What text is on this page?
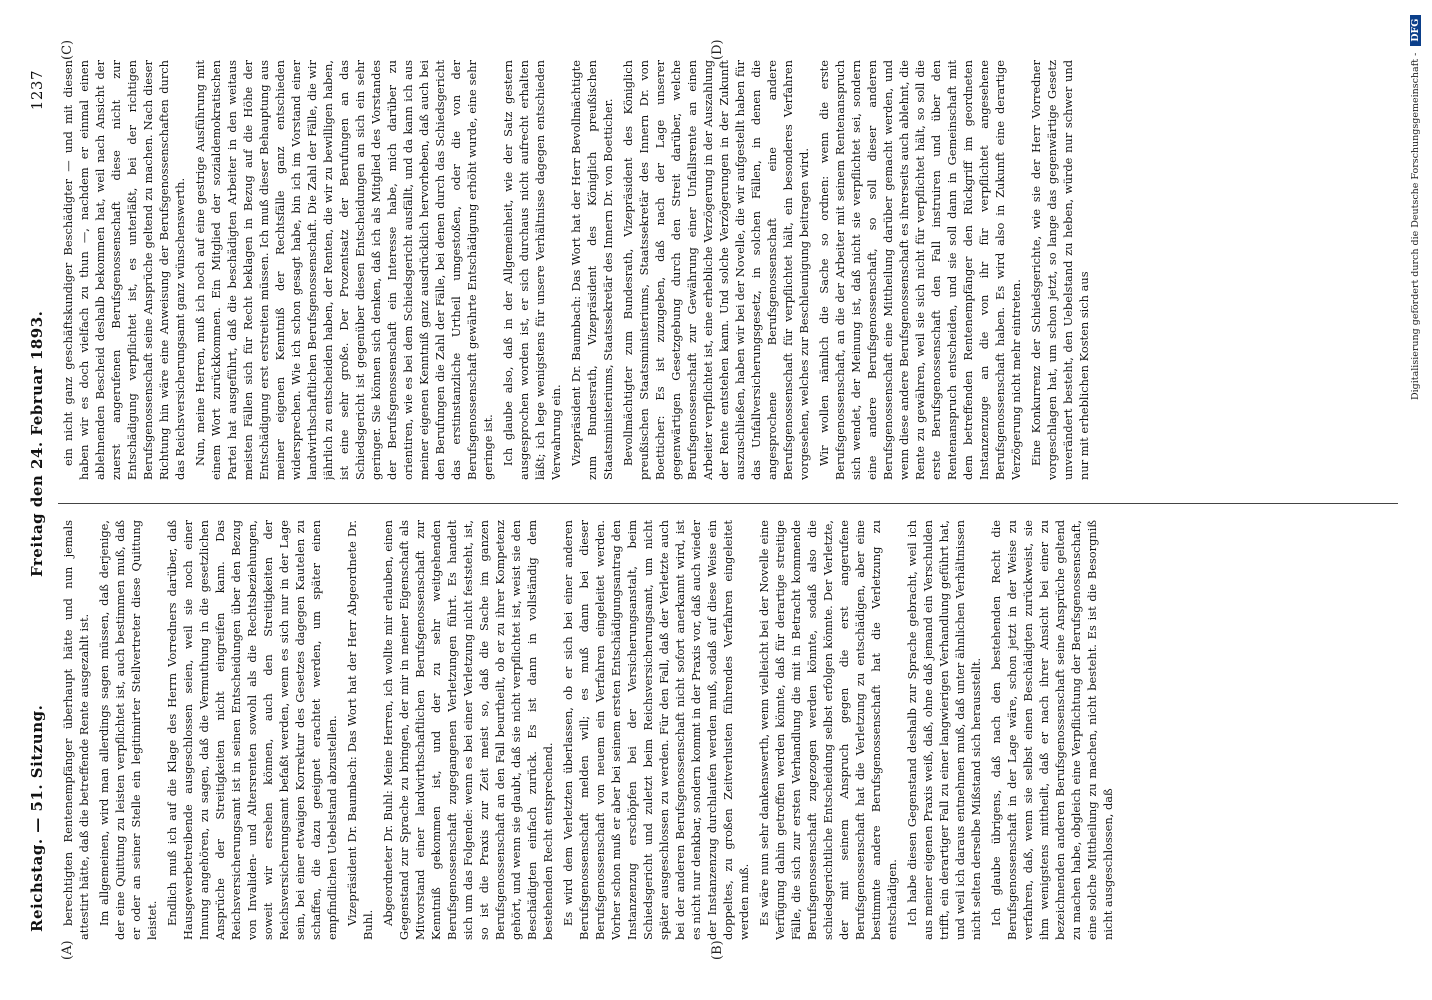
Reichstag. — 51. Sitzung.
Freitag den 24. Februar 1893.
1237
(A)	(B)
(C)	(D)

berechtigten Rentenempfänger überhaupt hätte und nun jemals attestirt hätte, daß die betreffende Rente ausgezahlt ist. Im allgemeinen, wird man allerdings sagen müssen, daß derjenige, der eine Quittung zu leisten verpflichtet ist, auch bestimmen muß, daß er oder an seiner Stelle ein legitimirter Stellvertreter diese Quittung leistet. Endlich muß ich auf die Klage des Herrn Vorredners darüber, daß Hausgewerbetreibende ausgeschlossen seien, weil sie noch einer Innung angehören, zu sagen, daß die Vermuthung in die gesetzlichen Ansprüche der Streitigkeiten nicht eingreifen kann. Das Reichsversicherungsamt ist in seinen Entscheidungen über den Bezug von Invaliden- und Altersrenten sowohl als die Rechtsbeziehungen, soweit wir ersehen können, auch den Streitigkeiten der Reichsversicherungsamt befaßt werden, wenn es sich nur in der Lage sein, bei einer etwaigen Korrektur des Gesetzes dagegen Kautelen zu schaffen, die dazu geeignet erachtet werden, um später einen empfindlichen Uebelstand abzustellen. Vizepräsident Dr. Baumbach: Das Wort hat der Herr Abgeordnete Dr. Buhl. Abgeordneter Dr. Buhl: Meine Herren, ich wollte mir erlauben, einen Gegenstand zur Sprache zu bringen, der mir in meiner Eigenschaft als Mitvorstand einer landwirthschaftlichen Berufsgenossenschaft zur Kenntniß gekommen ist, und der zu sehr weitgehenden Berufsgenossenschaft zugegangenen Verletzungen führt. Es handelt sich um das Folgende: wenn es bei einer Verletzung nicht feststeht, ist, so ist die Praxis zur Zeit meist so, daß die Sache im ganzen Berufsgenossenschaft an den Fall beurtheilt, ob er zu ihrer Kompetenz gehört, und wenn sie glaubt, daß sie nicht verpflichtet ist, weist sie den Beschädigten einfach zurück. Es ist dann in vollständig dem bestehenden Recht entsprechend. Es wird dem Verletzten überlassen, ob er sich bei einer anderen Berufsgenossenschaft melden will; es muß dann bei dieser Berufsgenossenschaft von neuem ein Verfahren eingeleitet werden. Vorher schon muß er aber bei seinem ersten Entschädigungsantrag den Instanzenzug erschöpfen bei der Versicherungsanstalt, beim Schiedsgericht und zuletzt beim Reichsversicherungsamt, um nicht später ausgeschlossen zu werden. Für den Fall, daß der Verletzte auch bei der anderen Berufsgenossenschaft nicht sofort anerkannt wird, ist es nicht nur denkbar, sondern kommt in der Praxis vor, daß auch wieder der Instanzenzug durchlaufen werden muß, sodaß auf diese Weise ein doppeltes, zu großen Zeitverlusten führendes Verfahren eingeleitet werden muß. Es wäre nun sehr dankenswerth, wenn vielleicht bei der Novelle eine Verfügung dahin getroffen werden könnte, daß für derartige streitige Fälle, die sich zur ersten Verhandlung die mit in Betracht kommende Berufsgenossenschaft zugezogen werden könnte, sodaß also die schiedsgerichtliche Entscheidung selbst erfolgen könnte. Der Verletzte, der mit seinem Anspruch gegen die erst angerufene Berufsgenossenschaft hat die Verletzung zu entschädigen, aber eine bestimmte andere Berufsgenossenschaft hat die Verletzung zu entschädigen. Ich habe diesen Gegenstand deshalb zur Sprache gebracht, weil ich aus meiner eigenen Praxis weiß, daß, ohne daß jemand ein Verschulden trifft, ein derartiger Fall zu einer langwierigen Verhandlung geführt hat, und weil ich daraus entnehmen muß, daß unter ähnlichen Verhältnissen nicht selten derselbe Mißstand sich herausstellt. Ich glaube übrigens, daß nach den bestehenden Recht die Berufsgenossenschaft in der Lage wäre, schon jetzt in der Weise zu verfahren, daß, wenn sie selbst einen Beschädigten zurückweist, sie ihm wenigstens mittheilt, daß er nach ihrer Ansicht bei einer zu bezeichnenden anderen Berufsgenossenschaft seine Ansprüche geltend zu machen habe, obgleich eine Verpflichtung der Berufsgenossenschaft, eine solche Mittheilung zu machen, nicht besteht. Es ist die Besorgniß nicht ausgeschlossen, daß

ein nicht ganz geschäftskundiger Beschädigter — und mit diesen haben wir es doch vielfach zu thun —, nachdem er einmal einen ablehnenden Bescheid deshalb bekommen hat, weil nach Ansicht der zuerst angerufenen Berufsgenossenschaft diese nicht zur Entschädigung verpflichtet ist, es unterläßt, bei der richtigen Berufsgenossenschaft seine Ansprüche geltend zu machen. Nach dieser Richtung hin wäre eine Anweisung der Berufsgenossenschaften durch das Reichsversicherungsamt ganz wünschenswerth. Nun, meine Herren, muß ich noch auf eine gestrige Ausführung mit einem Wort zurückkommen. Ein Mitglied der sozialdemokratischen Partei hat ausgeführt, daß die beschädigten Arbeiter in den weitaus meisten Fällen sich für Recht beklagen in Bezug auf die Höhe der Entschädigung erst erstreiten müssen. Ich muß dieser Behauptung aus meiner eigenen Kenntniß der Rechtsfälle ganz entschieden widersprechen. Wie ich schon gesagt habe, bin ich im Vorstand einer landwirthschaftlichen Berufsgenossenschaft. Die Zahl der Fälle, die wir jährlich zu entscheiden haben, der Renten, die wir zu bewilligen haben, ist eine sehr große. Der Prozentsatz der Berufungen an das Schiedsgericht ist gegenüber diesen Entscheidungen an sich ein sehr geringer. Sie können sich denken, daß ich als Mitglied des Vorstandes der Berufsgenossenschaft ein Interesse habe, mich darüber zu orientiren, wie es bei dem Schiedsgericht ausfällt, und da kann ich aus meiner eigenen Kenntniß ganz ausdrücklich hervorheben, daß auch bei den Berufungen die Zahl der Fälle, bei denen durch das Schiedsgericht das erstinstanzliche Urtheil umgestoßen, oder die von der Berufsgenossenschaft gewährte Entschädigung erhöht wurde, eine sehr geringe ist. Ich glaube also, daß in der Allgemeinheit, wie der Satz gestern ausgesprochen worden ist, er sich durchaus nicht aufrecht erhalten läßt; ich lege wenigstens für unsere Verhältnisse dagegen entschieden Verwahrung ein. Vizepräsident Dr. Baumbach: Das Wort hat der Herr Bevollmächtigte zum Bundesrath, Vizepräsident des Königlich preußischen Staatsministeriums, Staatssekretär des Innern Dr. von Boetticher. Bevollmächtigter zum Bundesrath, Vizepräsident des Königlich preußischen Staatsministeriums, Staatssekretär des Innern Dr. von Boetticher: Es ist zuzugeben, daß nach der Lage unserer gegenwärtigen Gesetzgebung durch den Streit darüber, welche Berufsgenossenschaft zur Gewährung einer Unfallsrente an einen Arbeiter verpflichtet ist, eine erhebliche Verzögerung in der Auszahlung der Rente entstehen kann. Und solche Verzögerungen in der Zukunft auszuschließen, haben wir bei der Novelle, die wir aufgestellt haben für das Unfallversicherungsgesetz, in solchen Fällen, in denen die angesprochene Berufsgenossenschaft eine andere Berufsgenossenschaft für verpflichtet hält, ein besonderes Verfahren vorgesehen, welches zur Beschleunigung beitragen wird. Wir wollen nämlich die Sache so ordnen: wenn die erste Berufsgenossenschaft, an die der Arbeiter mit seinem Rentenanspruch sich wendet, der Meinung ist, daß nicht sie verpflichtet sei, sondern eine andere Berufsgenossenschaft, so soll dieser anderen Berufsgenossenschaft eine Mittheilung darüber gemacht werden, und wenn diese andere Berufsgenossenschaft es ihrerseits auch ablehnt, die Rente zu gewähren, weil sie sich nicht für verpflichtet hält, so soll die erste Berufsgenossenschaft den Fall instruiren und über den Rentenanspruch entscheiden, und sie soll dann in Gemeinschaft mit dem betreffenden Rentenempfänger den Rückgriff im geordneten Instanzenzuge an die von ihr für verpflichtet angesehene Berufsgenossenschaft haben. Es wird also in Zukunft eine derartige Verzögerung nicht mehr eintreten. Eine Konkurrenz der Schiedsgerichte, wie sie der Herr Vorredner vorgeschlagen hat, um schon jetzt, so lange das gegenwärtige Gesetz unverändert besteht, den Uebelstand zu heben, würde nur schwer und nur mit erheblichen Kosten sich aus	Digitalisierung gefördert durch die Deutsche Forschungsgemeinschaft - DFG
